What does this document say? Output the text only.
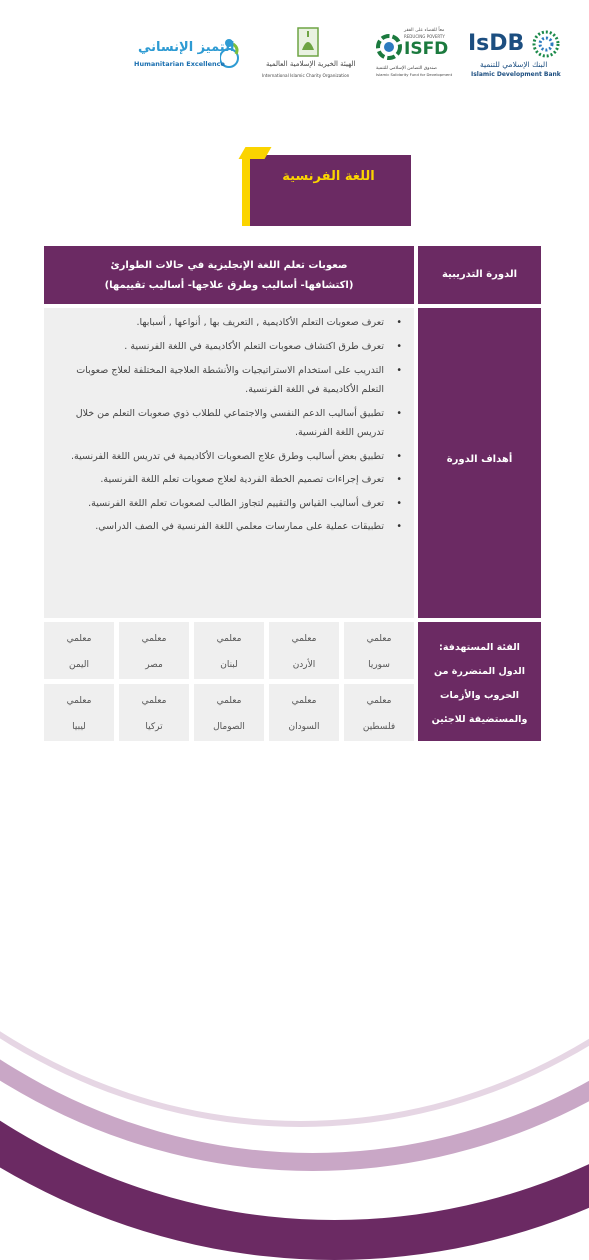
التميز الإنساني
Humanitarian Excellence	الهيئة الخيرية الإسلامية العالمية
International Islamic Charity Organization
معاً للقضاء على الفقر
REDUCING POVERTY
ISFD
صندوق التضامن الإسلامي للتنمية
Islamic Solidarity Fund for Development
IsDB
البنك الإسلامي للتنمية
Islamic Development Bank
اللغة الفرنسية
صعوبات تعلم اللغة الإنجليزية في حالات الطوارئ
(اكتشافها- أساليب وطرق علاجها- أساليب تقييمها)
الدورة التدريبية
• تعرف صعوبات التعلم الأكاديمية , التعريف بها , أنواعها , أسبابها.
• تعرف طرق اكتشاف صعوبات التعلم الأكاديمية في اللغة الفرنسية .
• التدريب على استخدام الاستراتيجيات والأنشطة العلاجية المختلفة لعلاج صعوبات التعلم الأكاديمية في اللغة الفرنسية.
• تطبيق أساليب الدعم النفسي والاجتماعي للطلاب ذوي صعوبات التعلم من خلال تدريس اللغة الفرنسية.
• تطبيق بعض أساليب وطرق علاج الصعوبات الأكاديمية في تدريس اللغة الفرنسية.
• تعرف إجراءات تصميم الخطة الفردية لعلاج صعوبات تعلم اللغة الفرنسية.
• تعرف أساليب القياس والتقييم لتجاوز الطالب لصعوبات تعلم اللغة الفرنسية.
• تطبيقات عملية على ممارسات معلمي اللغة الفرنسية في الصف الدراسي.
أهداف الدورة
معلمي
سوريا
معلمي
الأردن
معلمي
لبنان
معلمي
مصر
معلمي
اليمن
معلمي
فلسطين
معلمي
السودان
معلمي
الصومال
معلمي
تركيا
معلمي
ليبيا
الفئة المستهدفة: الدول المتضررة من الحروب والأزمات والمستضيفة للاجئين
